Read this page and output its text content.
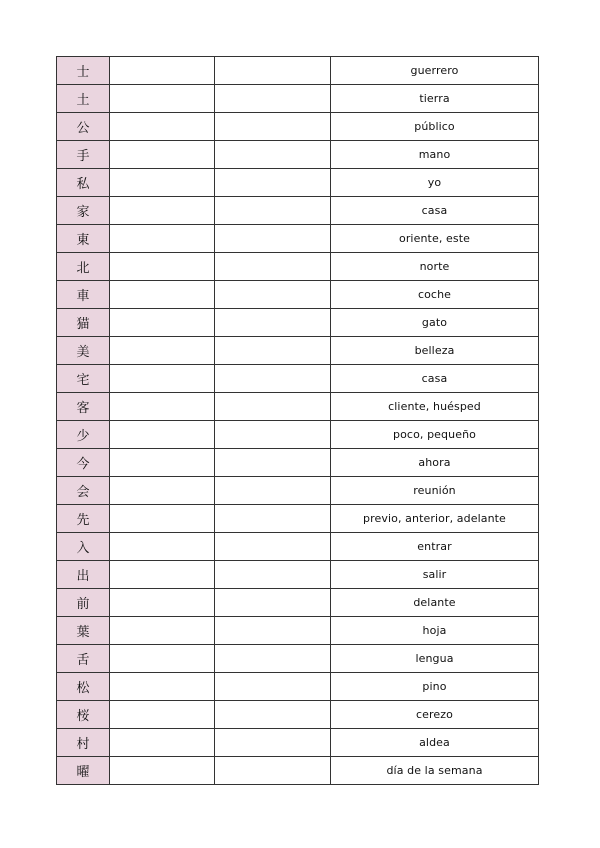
士			guerrero
土			tierra
公			público
手			mano
私			yo
家			casa
東			oriente, este
北			norte
車			coche
猫			gato
美			belleza
宅			casa
客			cliente, huésped
少			poco, pequeño
今			ahora
会			reunión
先			previo, anterior, adelante
入			entrar
出			salir
前			delante
葉			hoja
舌			lengua
松			pino
桜			cerezo
村			aldea
曜			día de la semana
